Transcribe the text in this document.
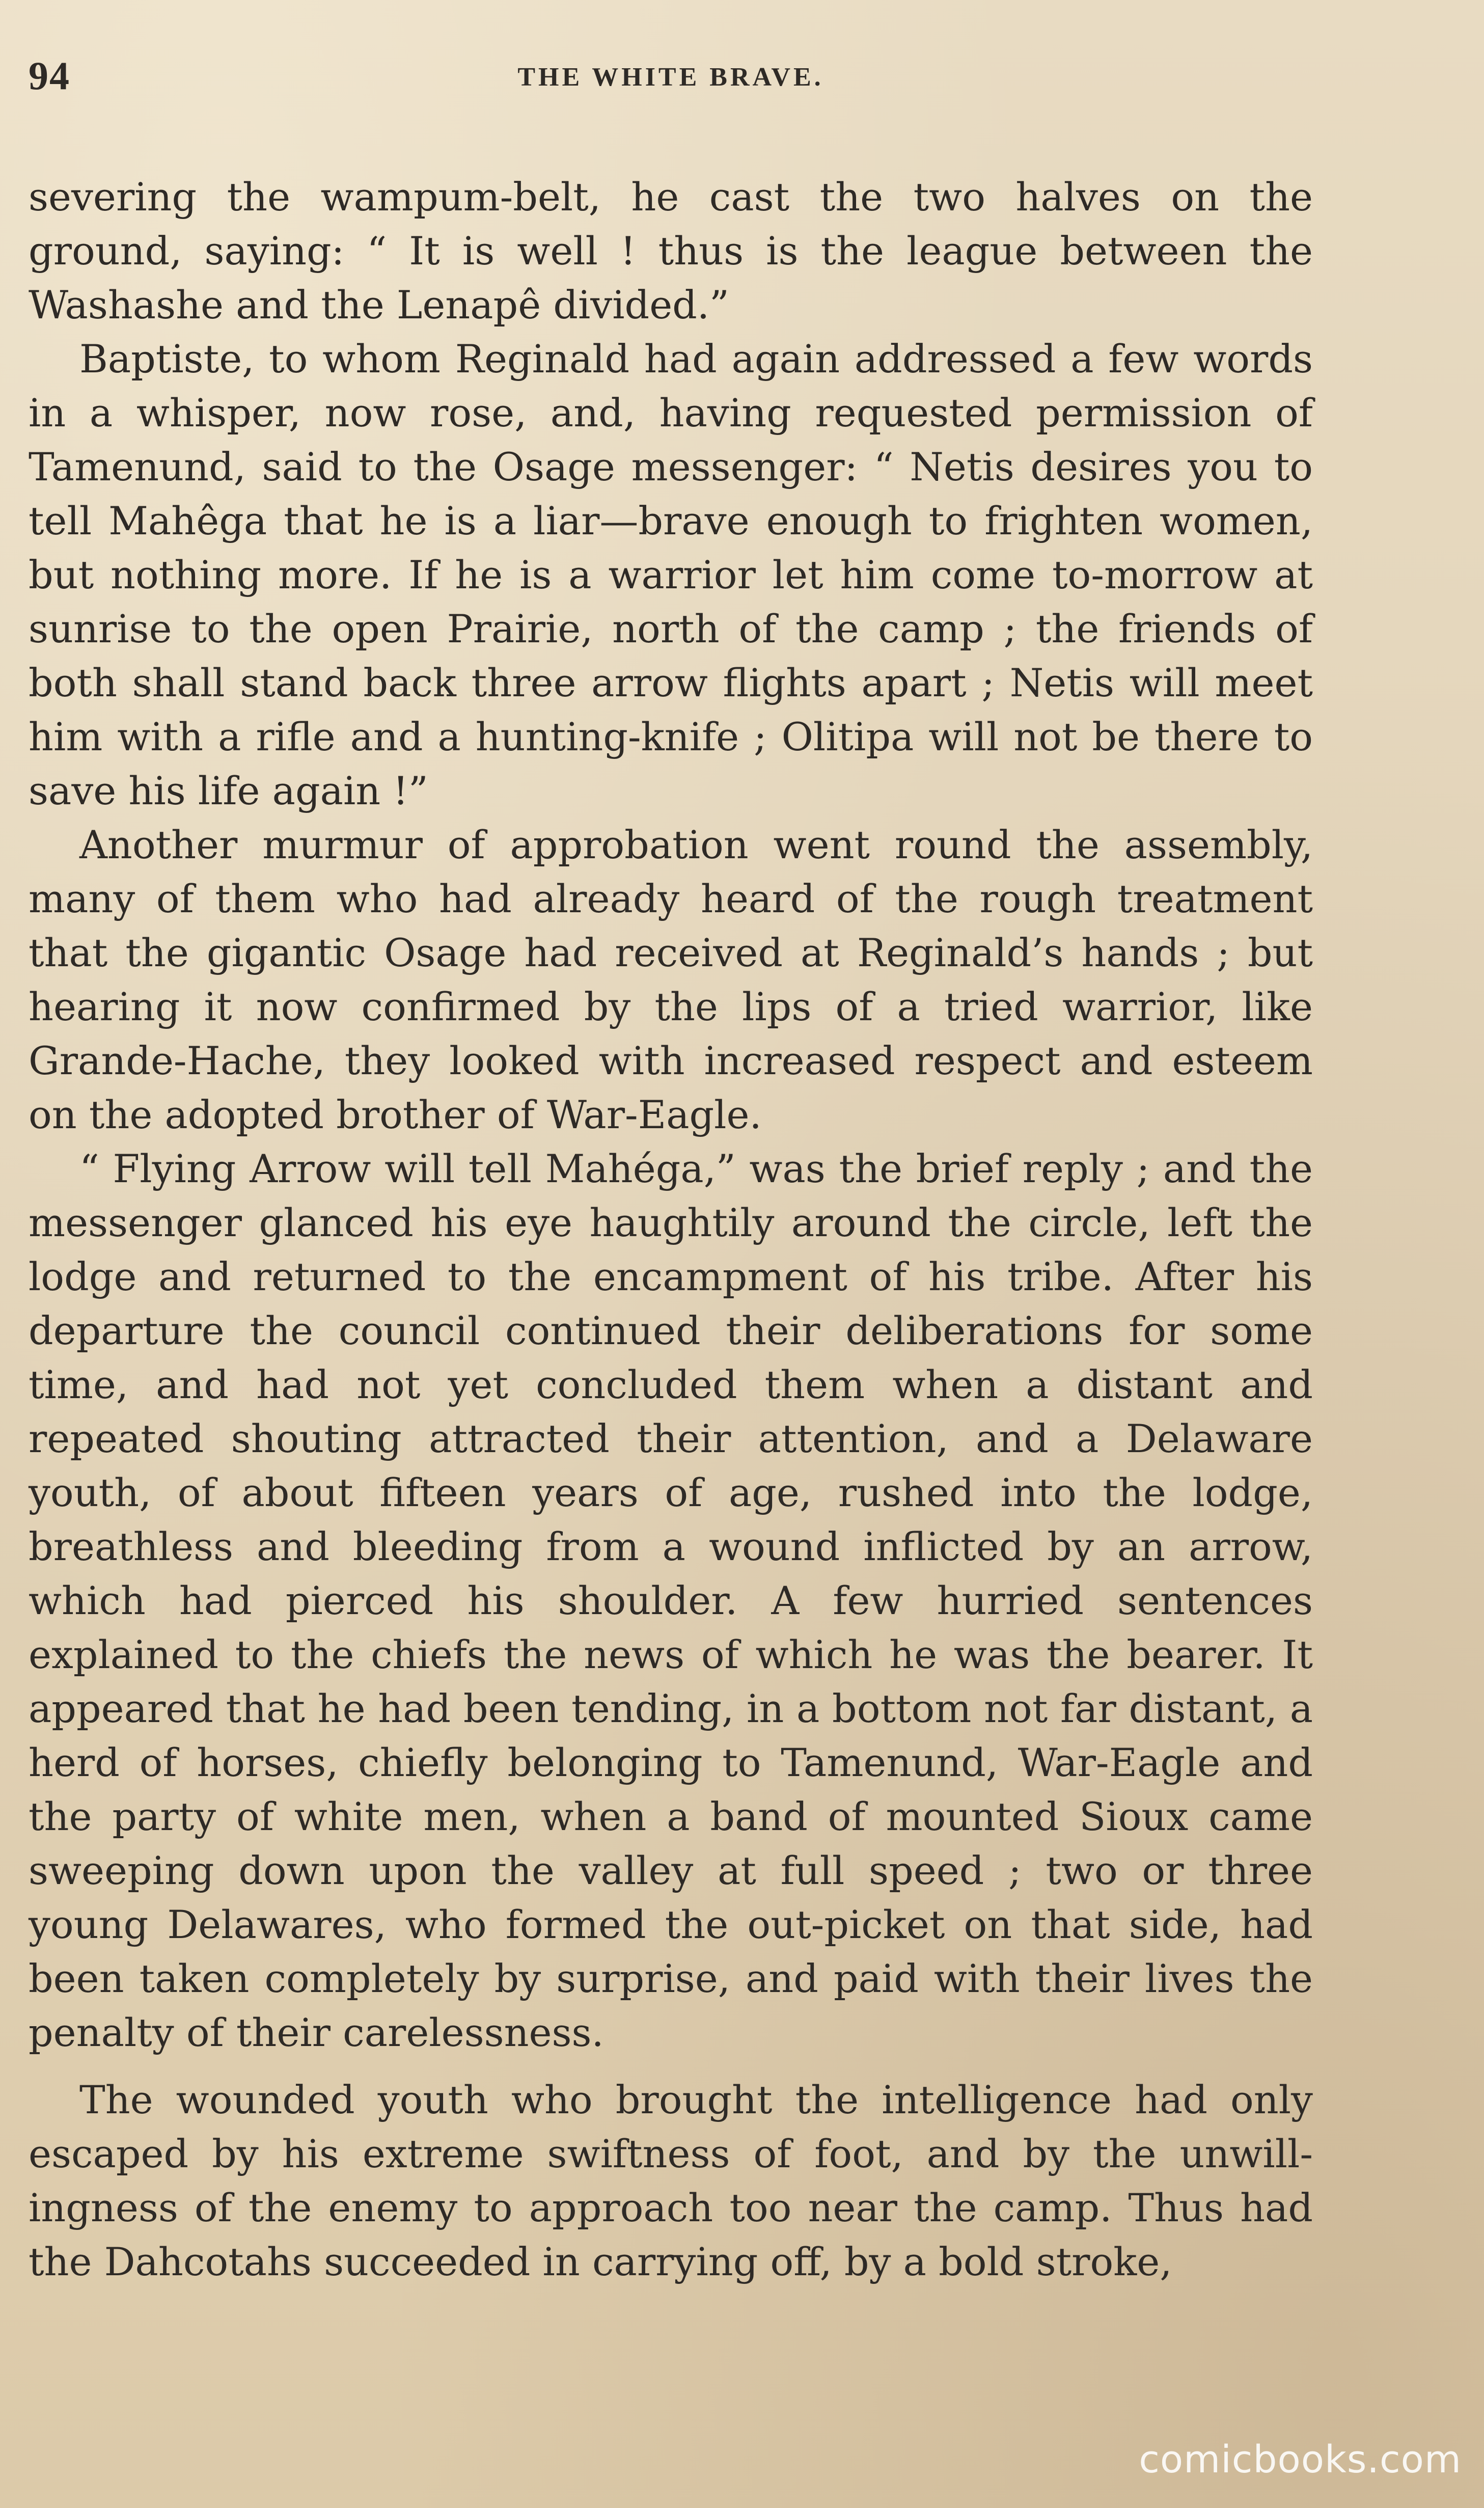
94	THE WHITE BRAVE.

severing the wampum-belt, he cast the two halves on the ground, saying: “ It is well ! thus is the league between the Washashe and the Lenapê divided.”

Baptiste, to whom Reginald had again addressed a few words in a whisper, now rose, and, having requested permission of Tamenund, said to the Osage messenger: “ Netis desires you to tell Mahêga that he is a liar—brave enough to frighten women, but nothing more. If he is a warrior let him come to-morrow at sunrise to the open Prairie, north of the camp ; the friends of both shall stand back three arrow flights apart ; Netis will meet him with a rifle and a hunting-knife ; Olitipa will not be there to save his life again !”

Another murmur of approbation went round the assembly, many of them who had already heard of the rough treatment that the gigantic Osage had received at Reginald’s hands ; but hearing it now confirmed by the lips of a tried warrior, like Grande-Hache, they looked with increased respect and esteem on the adopted brother of War-Eagle.

“ Flying Arrow will tell Mahéga,” was the brief reply ; and the messenger glanced his eye haughtily around the circle, left the lodge and returned to the encampment of his tribe. After his departure the council continued their deliberations for some time, and had not yet concluded them when a distant and repeated shouting attracted their attention, and a Delaware youth, of about fifteen years of age, rushed into the lodge, breathless and bleeding from a wound inflicted by an arrow, which had pierced his shoulder. A few hurried sentences explained to the chiefs the news of which he was the bearer. It appeared that he had been tending, in a bottom not far distant, a herd of horses, chiefly belonging to Tamenund, War-Eagle and the party of white men, when a band of mounted Sioux came sweeping down upon the valley at full speed ; two or three young Delawares, who formed the out-picket on that side, had been taken completely by surprise, and paid with their lives the penalty of their carelessness.

The wounded youth who brought the intelligence had only escaped by his extreme swiftness of foot, and by the unwillingness of the enemy to approach too near the camp. Thus had the Dahcotahs succeeded in carrying off, by a bold stroke,

comicbooks.com
